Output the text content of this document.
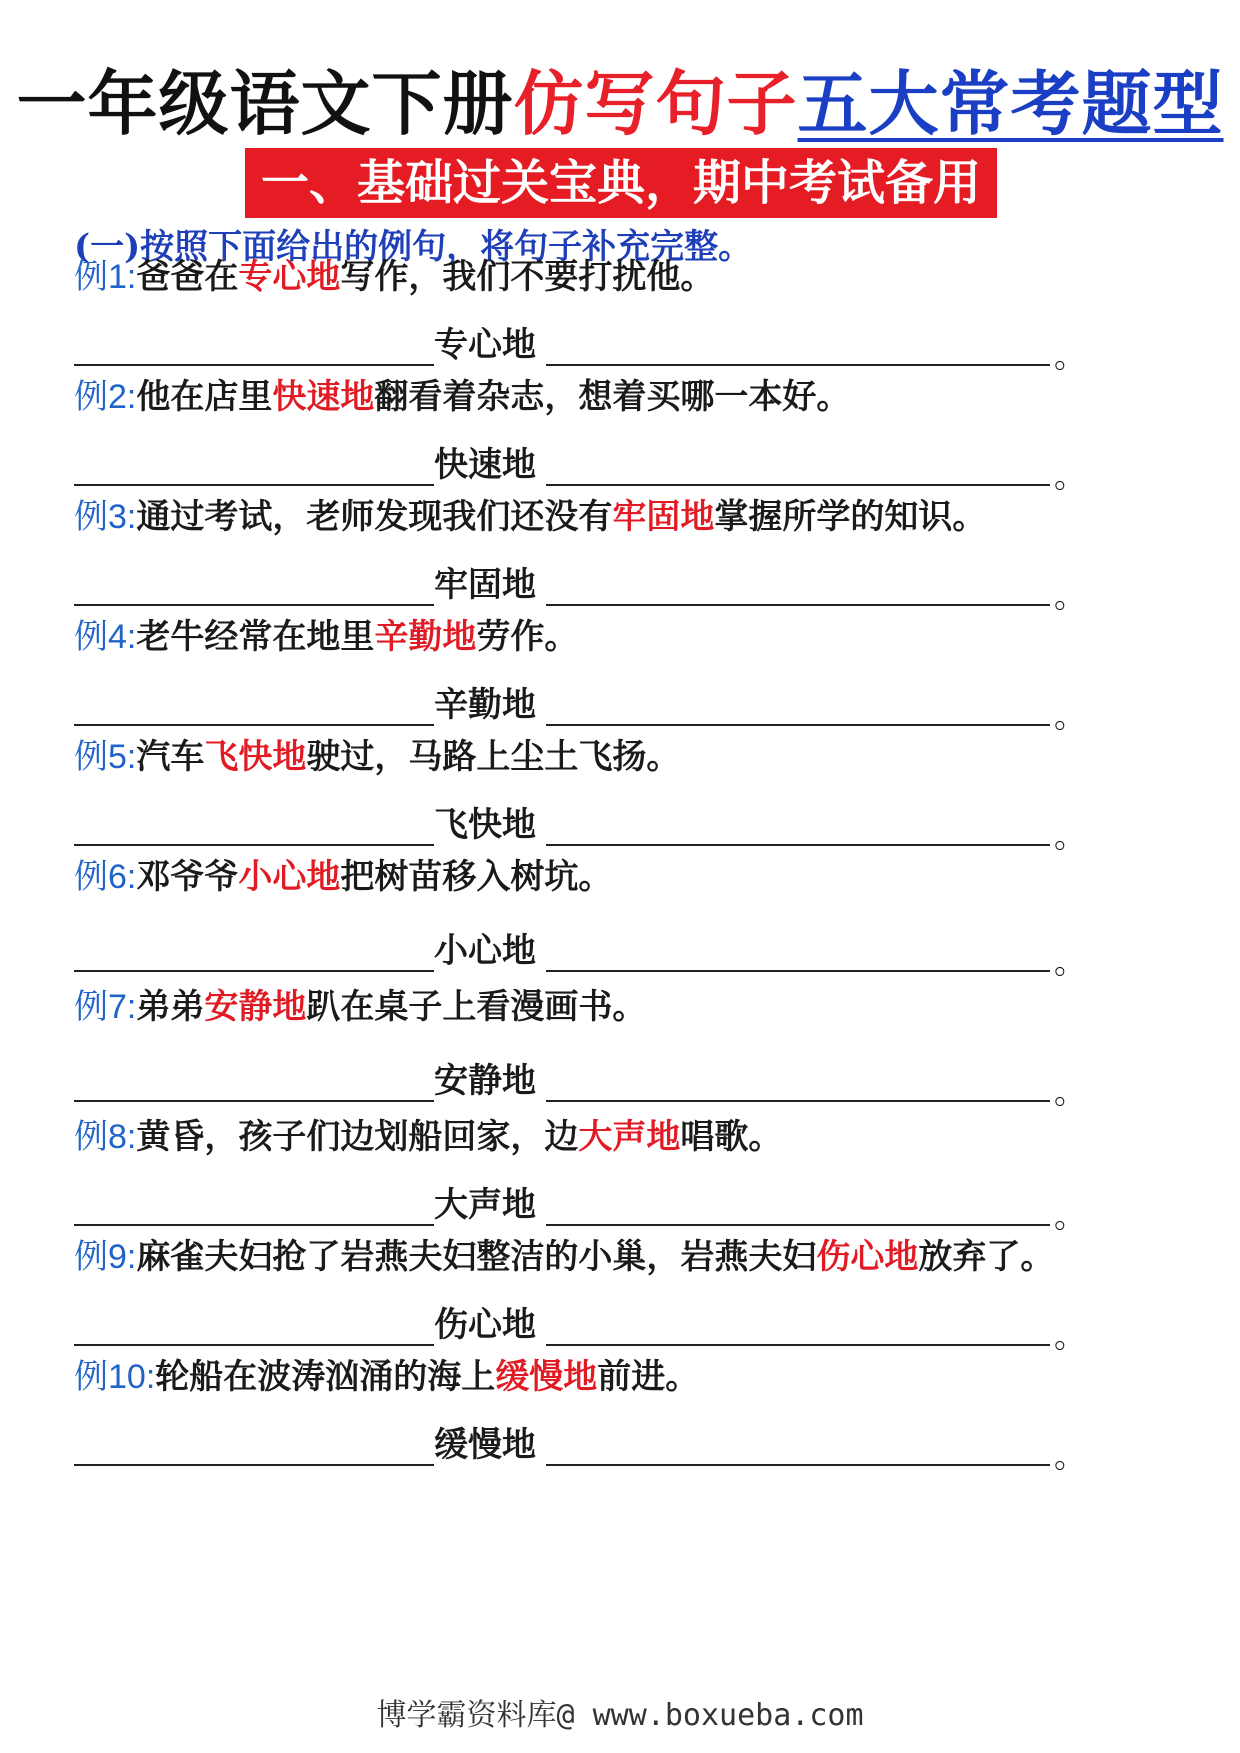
一年级语文下册仿写句子五大常考题型
一、基础过关宝典，期中考试备用
(一)按照下面给出的例句，将句子补充完整。
例1:爸爸在专心地写作，我们不要打扰他。
专心地	。
例2:他在店里快速地翻看着杂志，想着买哪一本好。
快速地	。
例3:通过考试，老师发现我们还没有牢固地掌握所学的知识。
牢固地	。
例4:老牛经常在地里辛勤地劳作。
辛勤地	。
例5:汽车飞快地驶过，马路上尘土飞扬。
飞快地	。
例6:邓爷爷小心地把树苗移入树坑。
小心地	。
例7:弟弟安静地趴在桌子上看漫画书。
安静地	。
例8:黄昏，孩子们边划船回家，边大声地唱歌。
大声地	。
例9:麻雀夫妇抢了岩燕夫妇整洁的小巢，岩燕夫妇伤心地放弃了。
伤心地	。
例10:轮船在波涛汹涌的海上缓慢地前进。
缓慢地	。
博学霸资料库@ www.boxueba.com
